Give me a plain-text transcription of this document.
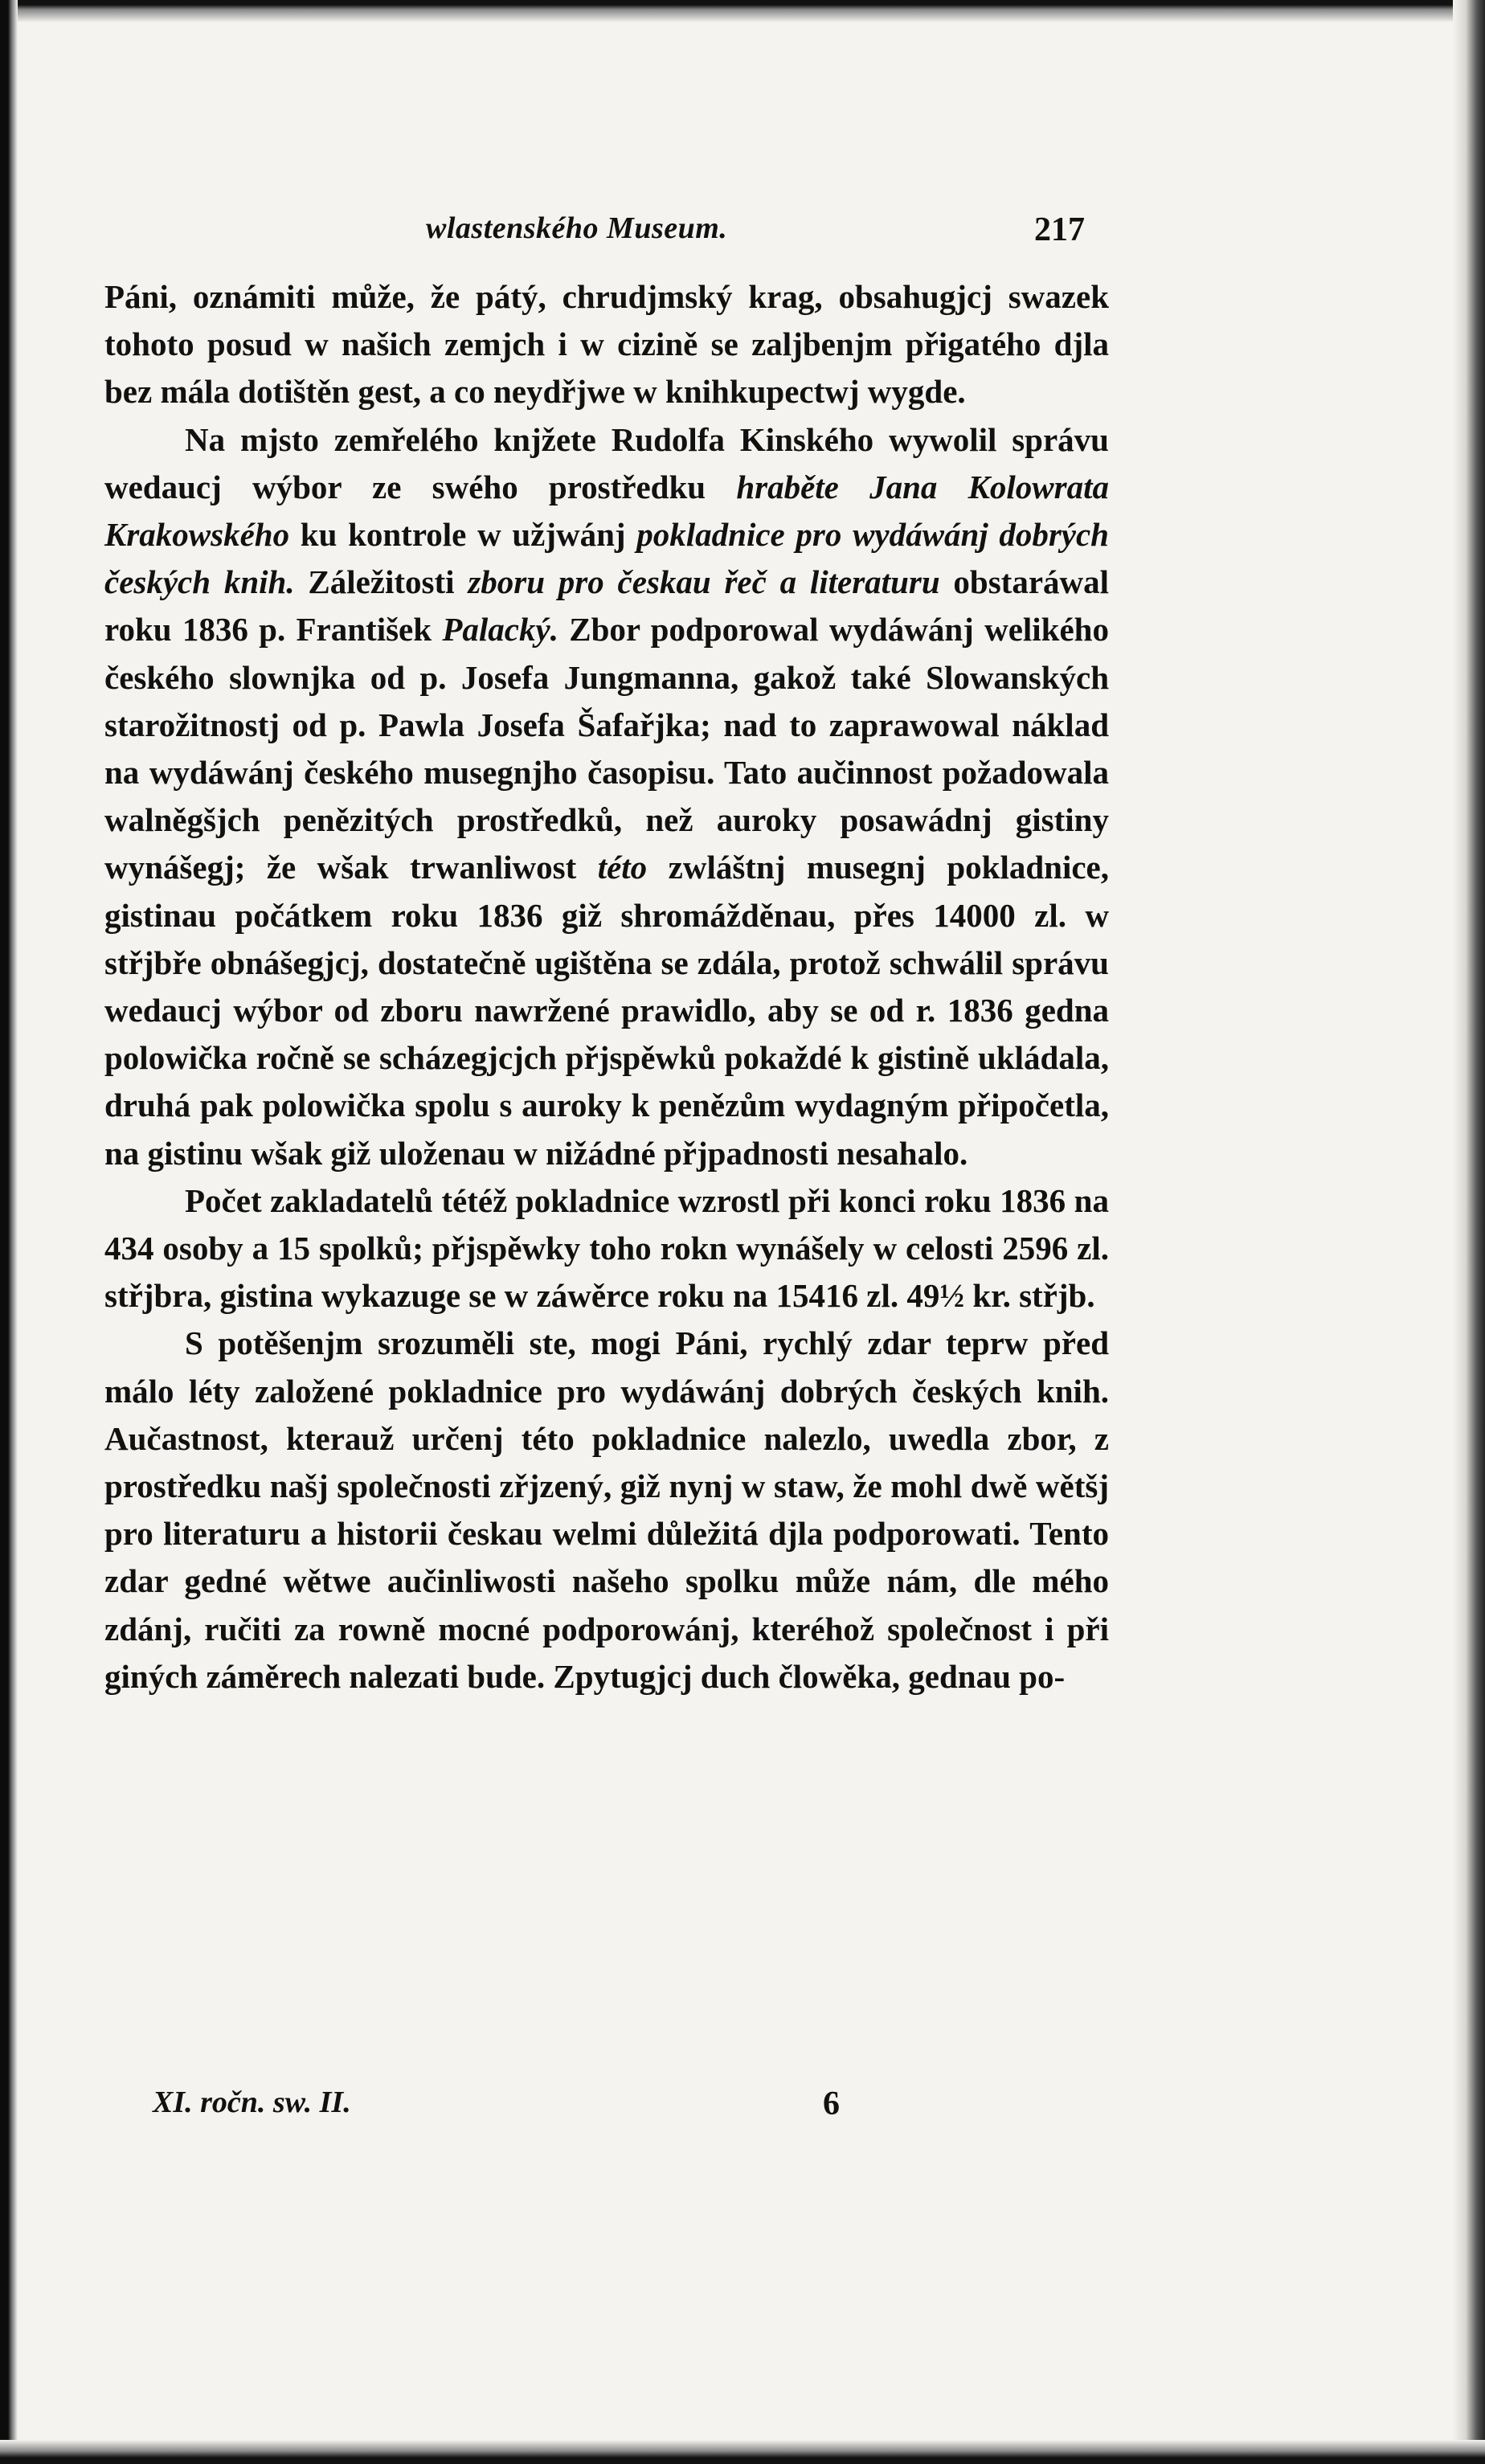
wlastenského Museum.	217

Páni, oznámiti může, že pátý, chrudjmský krag, obsahugjcj swazek tohoto posud w našich zemjch i w cizině se zaljbenjm přigatého djla bez mála dotištěn gest, a co neydřjwe w knihkupectwj wygde.

Na mjsto zemřelého knjžete Rudolfa Kinského wywolil správu wedaucj wýbor ze swého prostředku hraběte Jana Kolowrata Krakowského ku kontrole w užjwánj pokladnice pro wydáwánj dobrých českých knih. Záležitosti zboru pro českau řeč a literaturu obstaráwal roku 1836 p. František Palacký. Zbor podporowal wydáwánj welikého českého slownjka od p. Josefa Jungmanna, gakož také Slowanských starožitnostj od p. Pawla Josefa Šafařjka; nad to zaprawowal náklad na wydáwánj českého musegnjho časopisu. Tato aučinnost požadowala walněgšjch penězitých prostředků, než auroky posawádnj gistiny wynášegj; že wšak trwanliwost této zwláštnj musegnj pokladnice, gistinau počátkem roku 1836 giž shromážděnau, přes 14000 zl. w střjbře obnášegjcj, dostatečně ugištěna se zdála, protož schwálil správu wedaucj wýbor od zboru nawržené prawidlo, aby se od r. 1836 gedna polowička ročně se scházegjcjch přjspěwků pokaždé k gistině ukládala, druhá pak polowička spolu s auroky k penězům wydagným připočetla, na gistinu wšak giž uloženau w nižádné přjpadnosti nesahalo.

Počet zakladatelů tétéž pokladnice wzrostl při konci roku 1836 na 434 osoby a 15 spolků; přjspěwky toho rokn wynášely w celosti 2596 zl. střjbra, gistina wykazuge se w záwěrce roku na 15416 zl. 49½ kr. střjb.

S potěšenjm srozuměli ste, mogi Páni, rychlý zdar teprw před málo léty založené pokladnice pro wydáwánj dobrých českých knih. Aučastnost, kterauž určenj této pokladnice nalezlo, uwedla zbor, z prostředku našj společnosti zřjzený, giž nynj w staw, že mohl dwě wětšj pro literaturu a historii českau welmi důležitá djla podporowati. Tento zdar gedné wětwe aučinliwosti našeho spolku může nám, dle mého zdánj, ručiti za rowně mocné podporowánj, kteréhož společnost i při giných záměrech nalezati bude. Zpytugjcj duch člowěka, gednau po-

XI. ročn. sw. II.	6
